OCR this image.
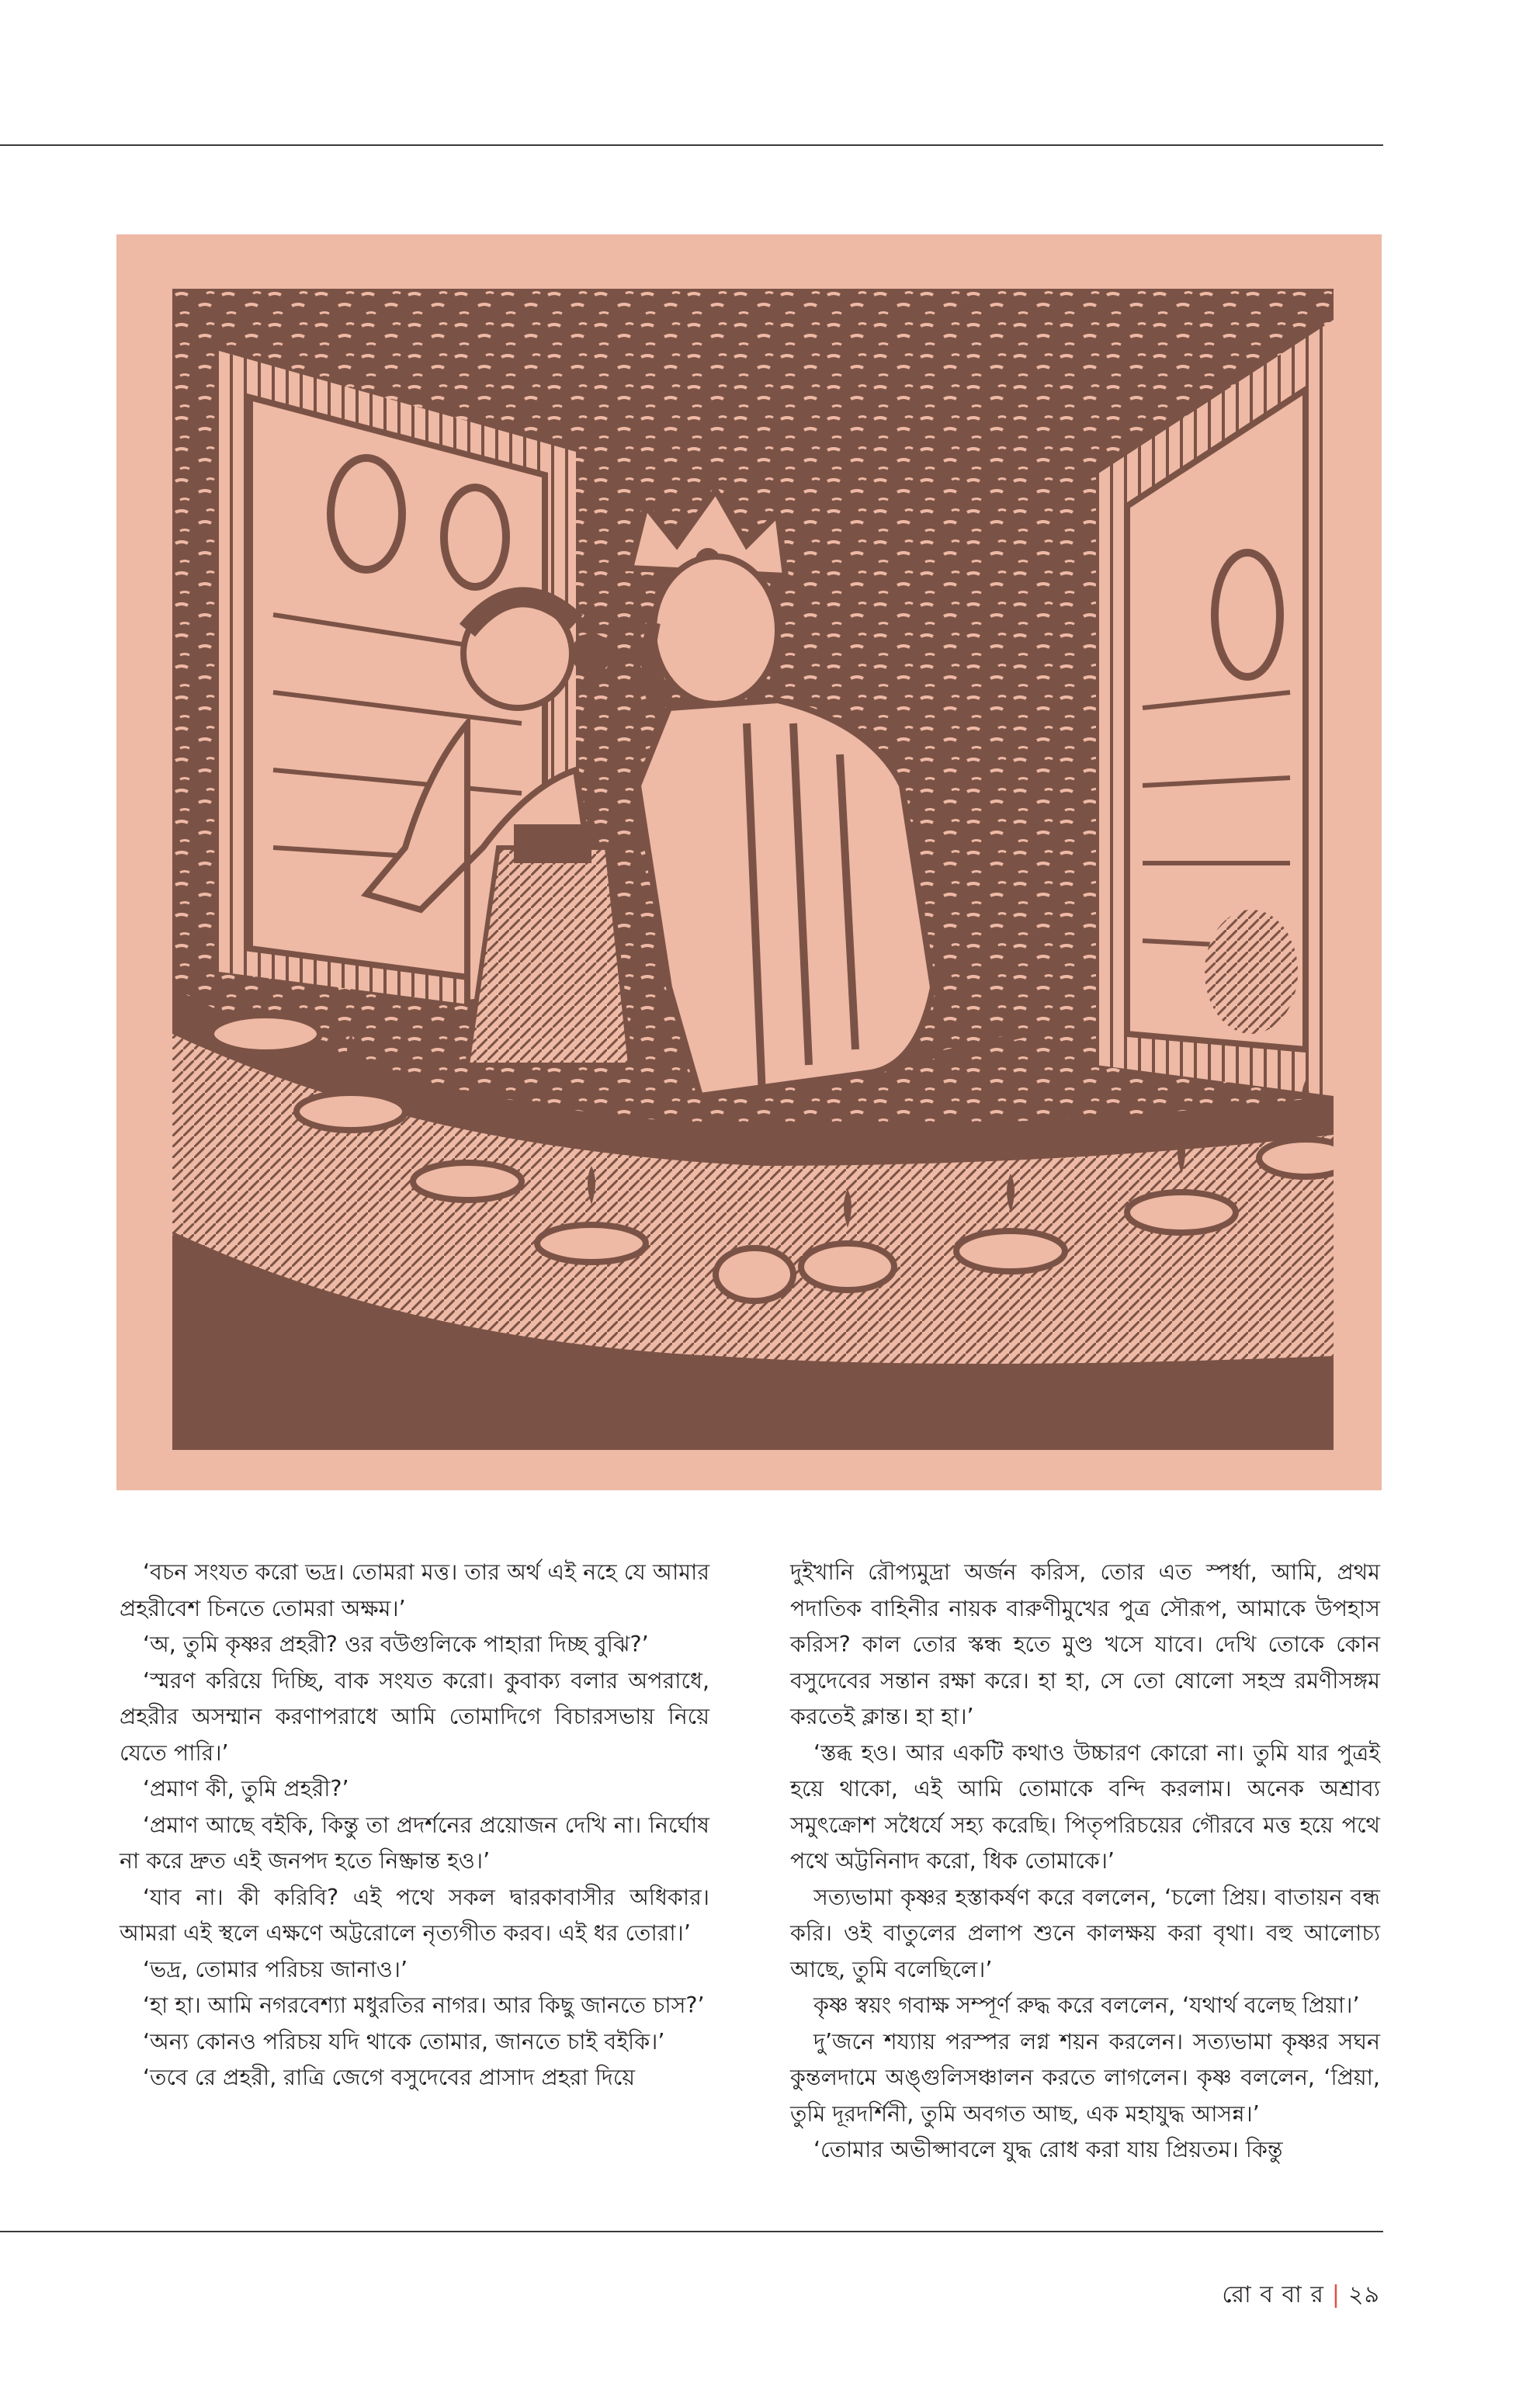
‘বচন সংযত করো ভদ্র। তোমরা মত্ত। তার অর্থ এই নহে যে আমার প্রহরীবেশ চিনতে তোমরা অক্ষম।’

‘অ, তুমি কৃষ্ণর প্রহরী? ওর বউগুলিকে পাহারা দিচ্ছ বুঝি?’

‘স্মরণ করিয়ে দিচ্ছি, বাক সংযত করো। কুবাক্য বলার অপরাধে, প্রহরীর অসম্মান করণাপরাধে আমি তোমাদিগে বিচারসভায় নিয়ে যেতে পারি।’

‘প্রমাণ কী, তুমি প্রহরী?’

‘প্রমাণ আছে বইকি, কিন্তু তা প্রদর্শনের প্রয়োজন দেখি না। নির্ঘোষ না করে দ্রুত এই জনপদ হতে নিষ্ক্রান্ত হও।’

‘যাব না। কী করিবি? এই পথে সকল দ্বারকাবাসীর অধিকার। আমরা এই স্থলে এক্ষণে অট্টরোলে নৃত্যগীত করব। এই ধর তোরা।’

‘ভদ্র, তোমার পরিচয় জানাও।’

‘হা হা। আমি নগরবেশ্যা মধুরতির নাগর। আর কিছু জানতে চাস?’

‘অন্য কোনও পরিচয় যদি থাকে তোমার, জানতে চাই বইকি।’

‘তবে রে প্রহরী, রাত্রি জেগে বসুদেবের প্রাসাদ প্রহরা দিয়ে

দুইখানি রৌপ্যমুদ্রা অর্জন করিস, তোর এত স্পর্ধা, আমি, প্রথম পদাতিক বাহিনীর নায়ক বারুণীমুখের পুত্র সৌরূপ, আমাকে উপহাস করিস? কাল তোর স্কন্ধ হতে মুণ্ড খসে যাবে। দেখি তোকে কোন বসুদেবের সন্তান রক্ষা করে। হা হা, সে তো ষোলো সহস্র রমণীসঙ্গম করতেই ক্লান্ত। হা হা।’

‘স্তব্ধ হও। আর একটি কথাও উচ্চারণ কোরো না। তুমি যার পুত্রই হয়ে থাকো, এই আমি তোমাকে বন্দি করলাম। অনেক অশ্রাব্য সমুৎক্রোশ সধৈর্যে সহ্য করেছি। পিতৃপরিচয়ের গৌরবে মত্ত হয়ে পথে পথে অট্টনিনাদ করো, ধিক তোমাকে।’

সত্যভামা কৃষ্ণর হস্তাকর্ষণ করে বললেন, ‘চলো প্রিয়। বাতায়ন বন্ধ করি। ওই বাতুলের প্রলাপ শুনে কালক্ষয় করা বৃথা। বহু আলোচ্য আছে, তুমি বলেছিলে।’

কৃষ্ণ স্বয়ং গবাক্ষ সম্পূর্ণ রুদ্ধ করে বললেন, ‘যথার্থ বলেছ প্রিয়া।’

দু’জনে শয্যায় পরস্পর লগ্ন শয়ন করলেন। সত্যভামা কৃষ্ণর সঘন কুন্তলদামে অঙ্গুলিসঞ্চালন করতে লাগলেন। কৃষ্ণ বললেন, ‘প্রিয়া, তুমি দূরদর্শিনী, তুমি অবগত আছ, এক মহাযুদ্ধ আসন্ন।’

‘তোমার অভীপ্সাবলে যুদ্ধ রোধ করা যায় প্রিয়তম। কিন্তু

রো ব বা র | ২৯
